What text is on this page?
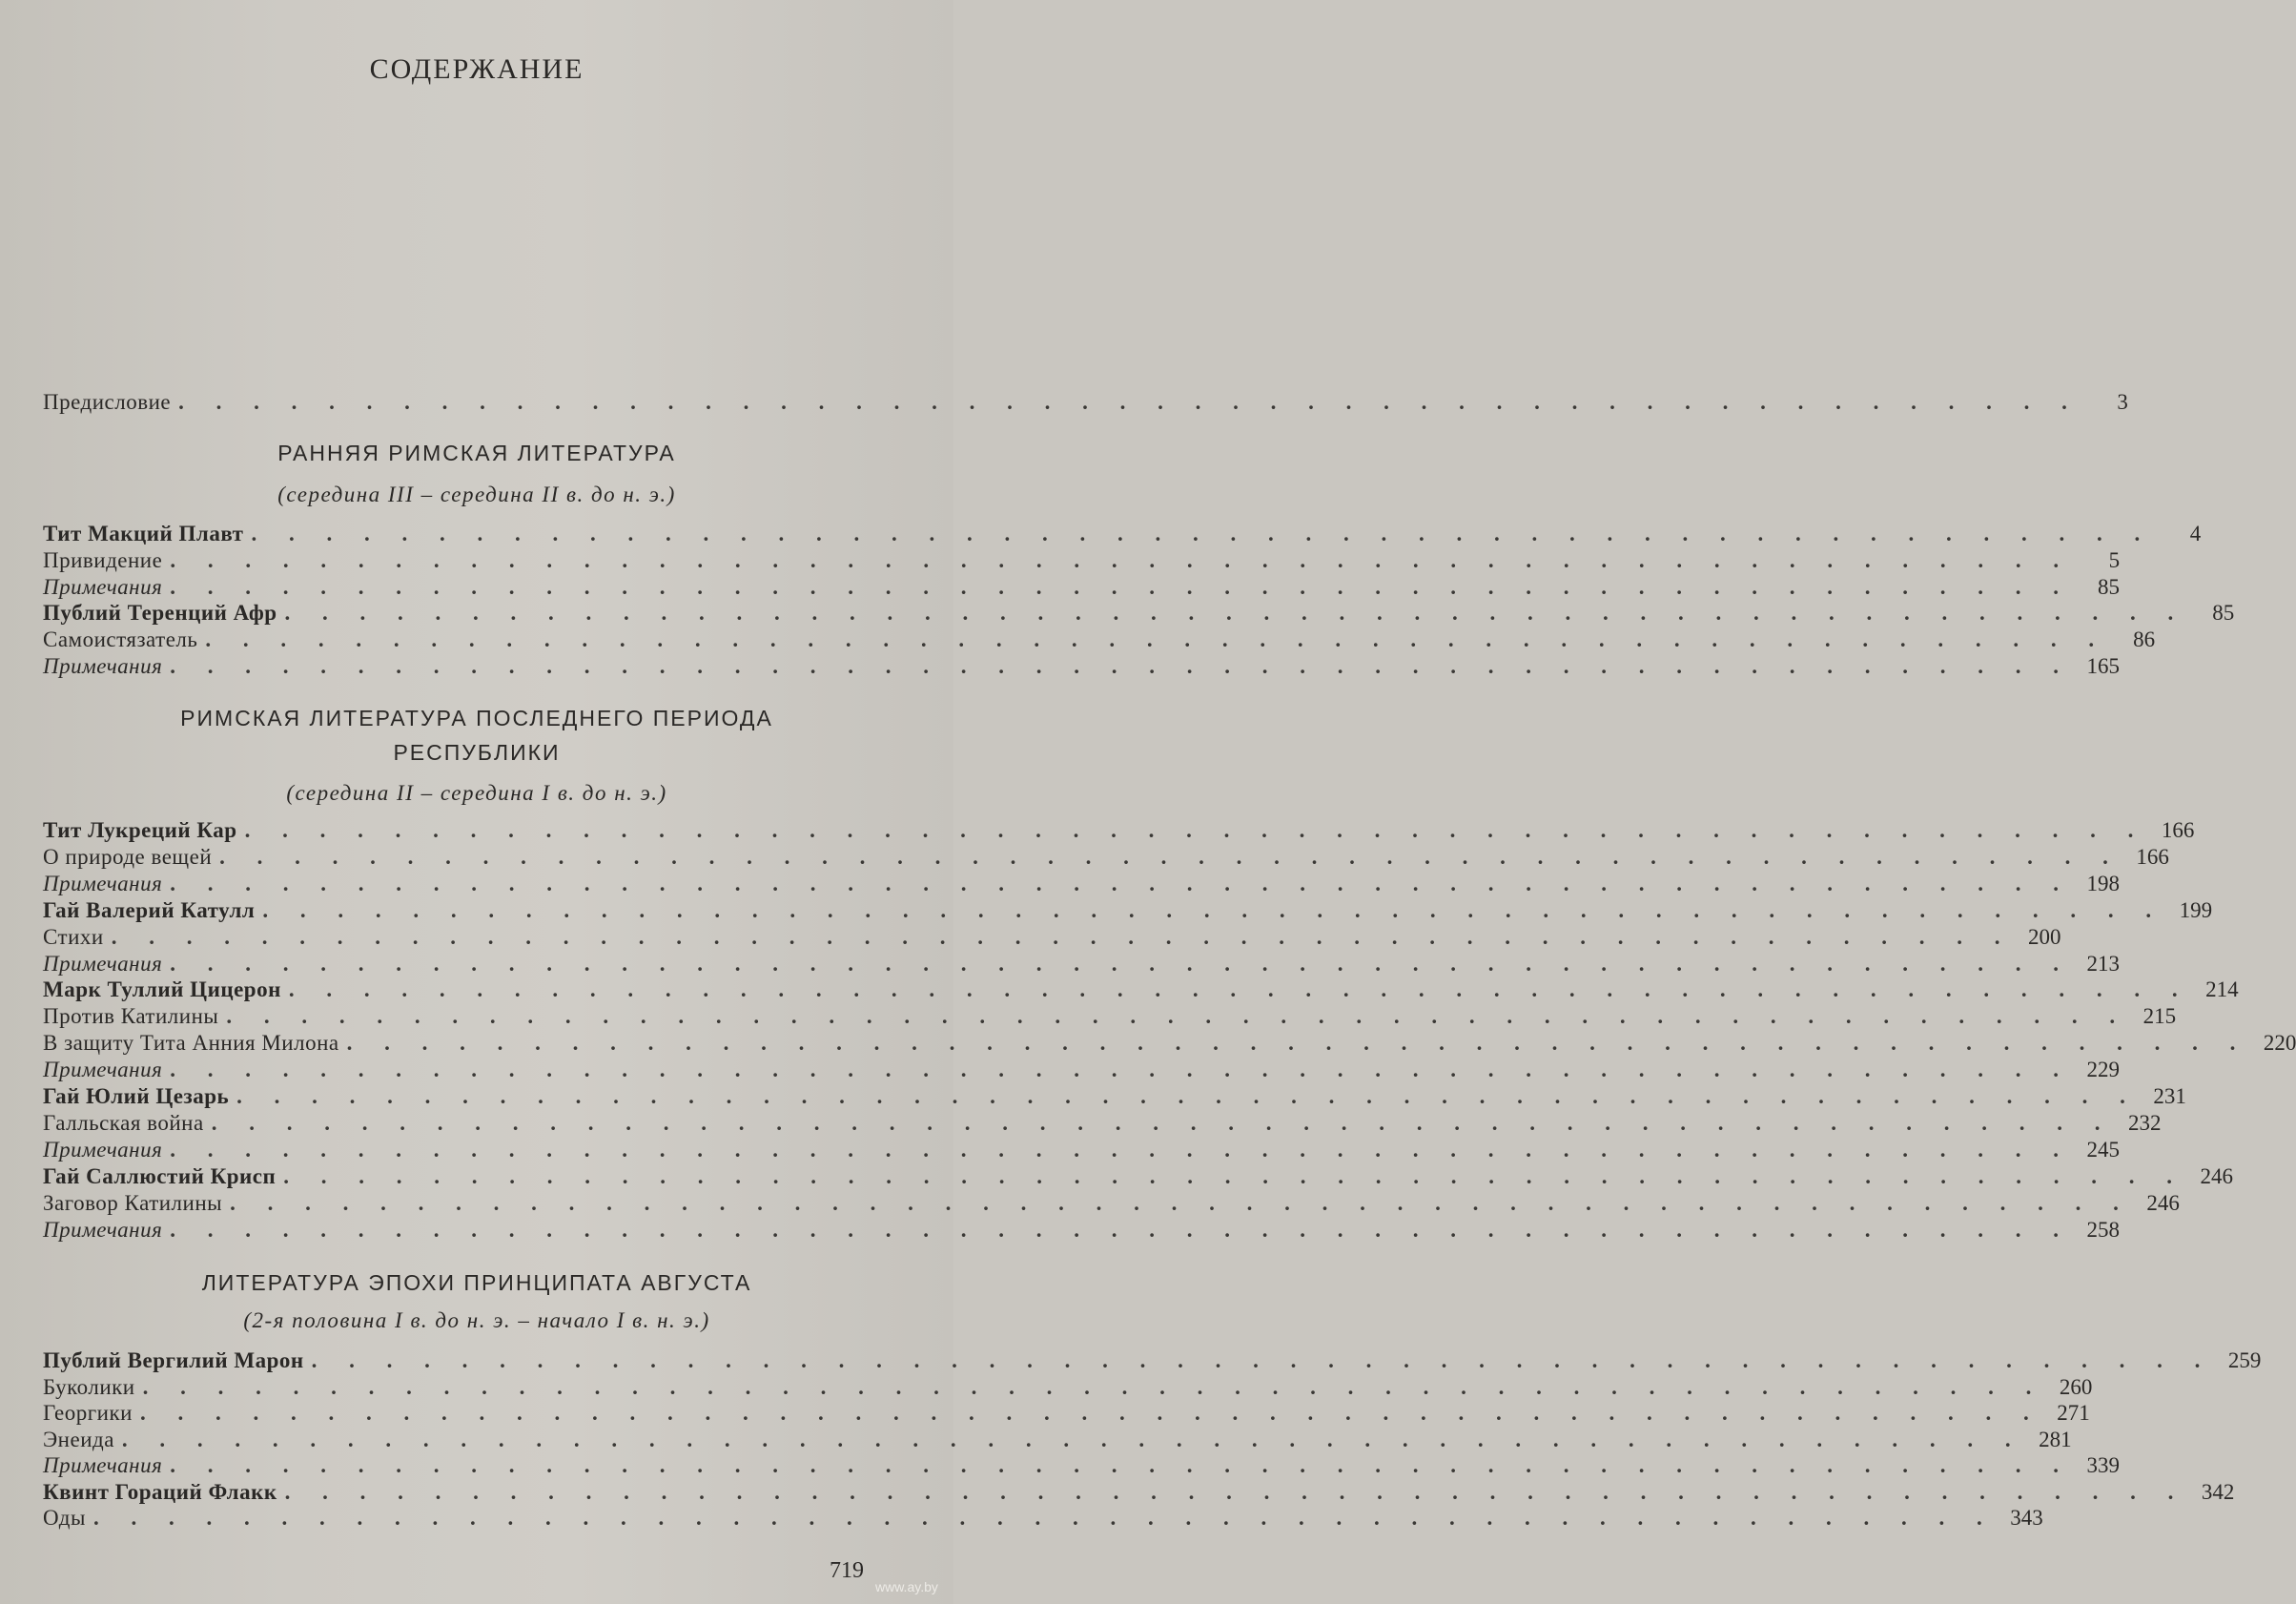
СОДЕРЖАНИЕ
Предисловие . . . . . . . . . . . . . . . . . . . . . . . . . . . . . . . . . . . . . . . . . . . . . . . . . . .	3
Тит Макций Плавт . . . . . . . . . . . . . . . . . . . . . . . . . . . . . . . . . . . . . . . . . . . . . . . . . . .	4
Привидение . . . . . . . . . . . . . . . . . . . . . . . . . . . . . . . . . . . . . . . . . . . . . . . . . . .	5
Примечания . . . . . . . . . . . . . . . . . . . . . . . . . . . . . . . . . . . . . . . . . . . . . . . . . . .	85
Публий Теренций Афр . . . . . . . . . . . . . . . . . . . . . . . . . . . . . . . . . . . . . . . . . . . . . . . . . . .	85
Самоистязатель . . . . . . . . . . . . . . . . . . . . . . . . . . . . . . . . . . . . . . . . . . . . . . . . . . .	86
Примечания . . . . . . . . . . . . . . . . . . . . . . . . . . . . . . . . . . . . . . . . . . . . . . . . . . . 165
Тит Лукреций Кар . . . . . . . . . . . . . . . . . . . . . . . . . . . . . . . . . . . . . . . . . . . . . . . . . . . 166
О природе вещей . . . . . . . . . . . . . . . . . . . . . . . . . . . . . . . . . . . . . . . . . . . . . . . . . . . 166
Примечания . . . . . . . . . . . . . . . . . . . . . . . . . . . . . . . . . . . . . . . . . . . . . . . . . . . 198
Гай Валерий Катулл . . . . . . . . . . . . . . . . . . . . . . . . . . . . . . . . . . . . . . . . . . . . . . . . . . . 199
Стихи . . . . . . . . . . . . . . . . . . . . . . . . . . . . . . . . . . . . . . . . . . . . . . . . . . . 200
Примечания . . . . . . . . . . . . . . . . . . . . . . . . . . . . . . . . . . . . . . . . . . . . . . . . . . . 213
Марк Туллий Цицерон . . . . . . . . . . . . . . . . . . . . . . . . . . . . . . . . . . . . . . . . . . . . . . . . . . . 214
Против Катилины . . . . . . . . . . . . . . . . . . . . . . . . . . . . . . . . . . . . . . . . . . . . . . . . . . . 215
В защиту Тита Анния Милона . . . . . . . . . . . . . . . . . . . . . . . . . . . . . . . . . . . . . . . . . . . . . . . . . . . 220
Примечания . . . . . . . . . . . . . . . . . . . . . . . . . . . . . . . . . . . . . . . . . . . . . . . . . . . 229
Гай Юлий Цезарь . . . . . . . . . . . . . . . . . . . . . . . . . . . . . . . . . . . . . . . . . . . . . . . . . . . 231
Галльская война . . . . . . . . . . . . . . . . . . . . . . . . . . . . . . . . . . . . . . . . . . . . . . . . . . . 232
Примечания . . . . . . . . . . . . . . . . . . . . . . . . . . . . . . . . . . . . . . . . . . . . . . . . . . . 245
Гай Саллюстий Крисп . . . . . . . . . . . . . . . . . . . . . . . . . . . . . . . . . . . . . . . . . . . . . . . . . . . 246
Заговор Катилины . . . . . . . . . . . . . . . . . . . . . . . . . . . . . . . . . . . . . . . . . . . . . . . . . . . 246
Примечания . . . . . . . . . . . . . . . . . . . . . . . . . . . . . . . . . . . . . . . . . . . . . . . . . . . 258
Публий Вергилий Марон . . . . . . . . . . . . . . . . . . . . . . . . . . . . . . . . . . . . . . . . . . . . . . . . . . . 259
Буколики . . . . . . . . . . . . . . . . . . . . . . . . . . . . . . . . . . . . . . . . . . . . . . . . . . . 260
Георгики . . . . . . . . . . . . . . . . . . . . . . . . . . . . . . . . . . . . . . . . . . . . . . . . . . . 271
Энеида . . . . . . . . . . . . . . . . . . . . . . . . . . . . . . . . . . . . . . . . . . . . . . . . . . . 281
Примечания . . . . . . . . . . . . . . . . . . . . . . . . . . . . . . . . . . . . . . . . . . . . . . . . . . . 339
Квинт Гораций Флакк . . . . . . . . . . . . . . . . . . . . . . . . . . . . . . . . . . . . . . . . . . . . . . . . . . . 342
Оды . . . . . . . . . . . . . . . . . . . . . . . . . . . . . . . . . . . . . . . . . . . . . . . . . . . 343
719
www.ay.by
РАННЯЯ РИМСКАЯ ЛИТЕРАТУРА
(середина III – середина II в. до н. э.)
РИМСКАЯ ЛИТЕРАТУРА ПОСЛЕДНЕГО ПЕРИОДА
РЕСПУБЛИКИ
(середина II – середина I в. до н. э.)
ЛИТЕРАТУРА ЭПОХИ ПРИНЦИПАТА АВГУСТА
(2-я половина I в. до н. э. – начало I в. н. э.)
